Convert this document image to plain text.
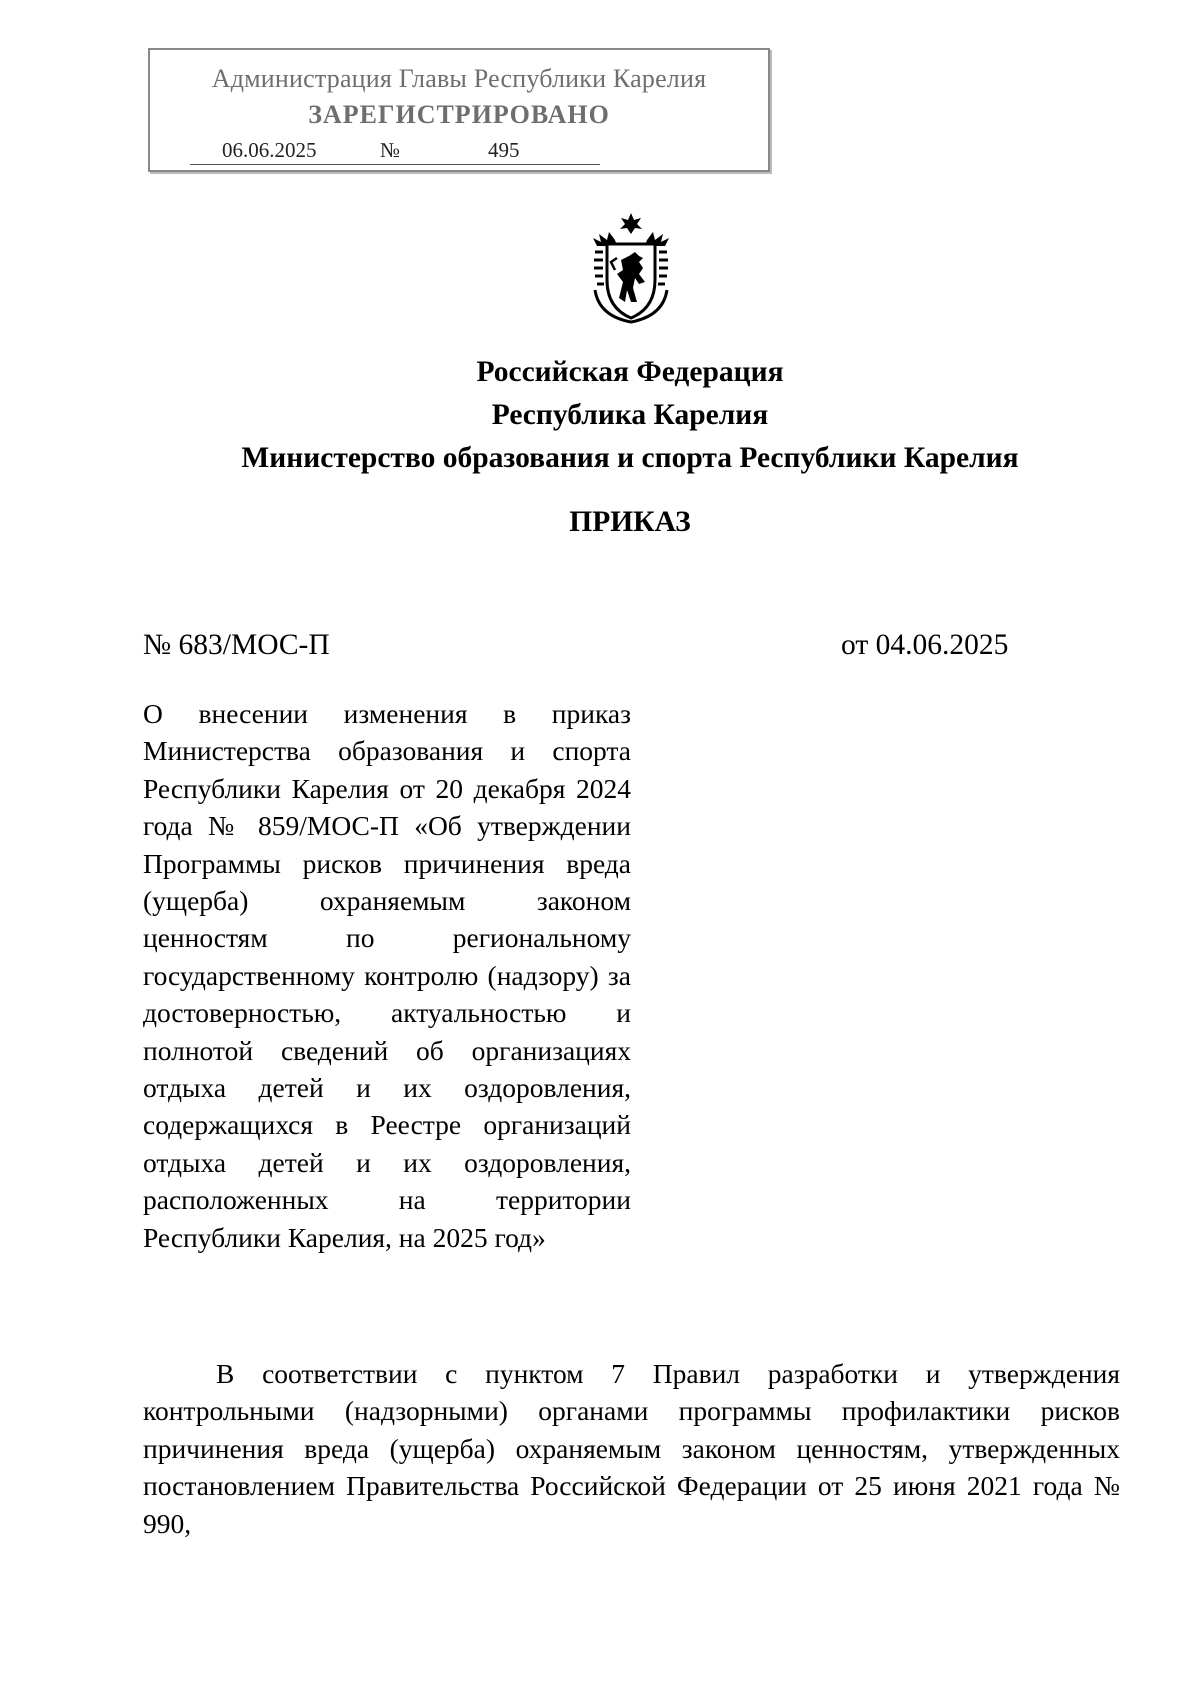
Администрация Главы Республики Карелия
ЗАРЕГИСТРИРОВАНО
06.06.2025	№	495
Российская Федерация
Республика Карелия
Министерство образования и спорта Республики Карелия
ПРИКАЗ
№ 683/МОС-П	от 04.06.2025
О внесении изменения в приказ Министерства образования и спорта Республики Карелия от 20 декабря 2024 года № 859/МОС-П «Об утверждении Программы рисков причинения вреда (ущерба) охраняемым законом ценностям по региональному государственному контролю (надзору) за достоверностью, актуальностью и полнотой сведений об организациях отдыха детей и их оздоровления, содержащихся в Реестре организаций отдыха детей и их оздоровления, расположенных на территории Республики Карелия, на 2025 год»
В соответствии с пунктом 7 Правил разработки и утверждения контрольными (надзорными) органами программы профилактики рисков причинения вреда (ущерба) охраняемым законом ценностям, утвержденных постановлением Правительства Российской Федерации от 25 июня 2021 года № 990,
